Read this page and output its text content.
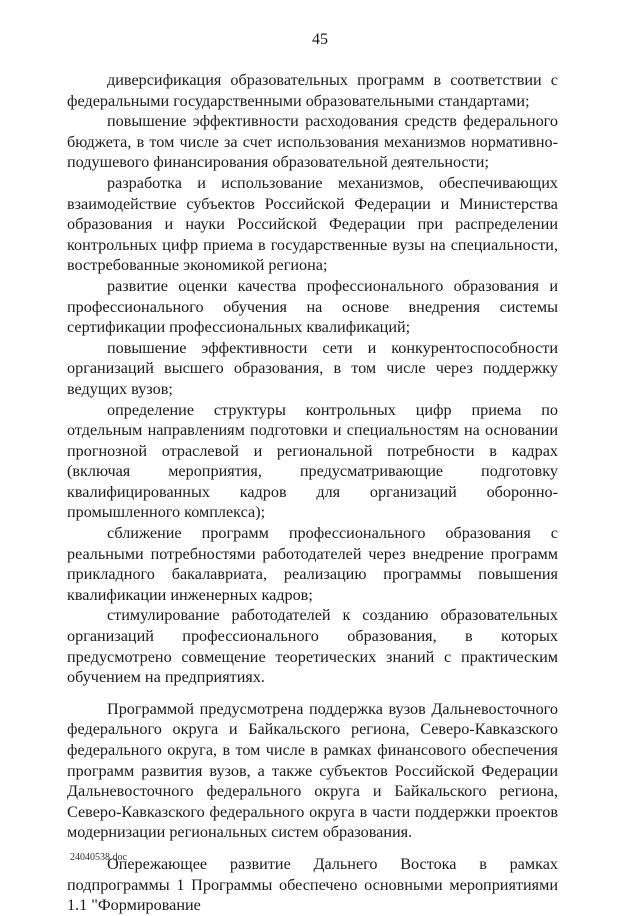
45

диверсификация образовательных программ в соответствии с федеральными государственными образовательными стандартами;

повышение эффективности расходования средств федерального бюджета, в том числе за счет использования механизмов нормативно-подушевого финансирования образовательной деятельности;

разработка и использование механизмов, обеспечивающих взаимодействие субъектов Российской Федерации и Министерства образования и науки Российской Федерации при распределении контрольных цифр приема в государственные вузы на специальности, востребованные экономикой региона;

развитие оценки качества профессионального образования и профессионального обучения на основе внедрения системы сертификации профессиональных квалификаций;

повышение эффективности сети и конкурентоспособности организаций высшего образования, в том числе через поддержку ведущих вузов;

определение структуры контрольных цифр приема по отдельным направлениям подготовки и специальностям на основании прогнозной отраслевой и региональной потребности в кадрах (включая мероприятия, предусматривающие подготовку квалифицированных кадров для организаций оборонно-промышленного комплекса);

сближение программ профессионального образования с реальными потребностями работодателей через внедрение программ прикладного бакалавриата, реализацию программы повышения квалификации инженерных кадров;

стимулирование работодателей к созданию образовательных организаций профессионального образования, в которых предусмотрено совмещение теоретических знаний с практическим обучением на предприятиях.

Программой предусмотрена поддержка вузов Дальневосточного федерального округа и Байкальского региона, Северо-Кавказского федерального округа, в том числе в рамках финансового обеспечения программ развития вузов, а также субъектов Российской Федерации Дальневосточного федерального округа и Байкальского региона, Северо-Кавказского федерального округа в части поддержки проектов модернизации региональных систем образования.

Опережающее развитие Дальнего Востока в рамках подпрограммы 1 Программы обеспечено основными мероприятиями 1.1 "Формирование

24040538.doc
